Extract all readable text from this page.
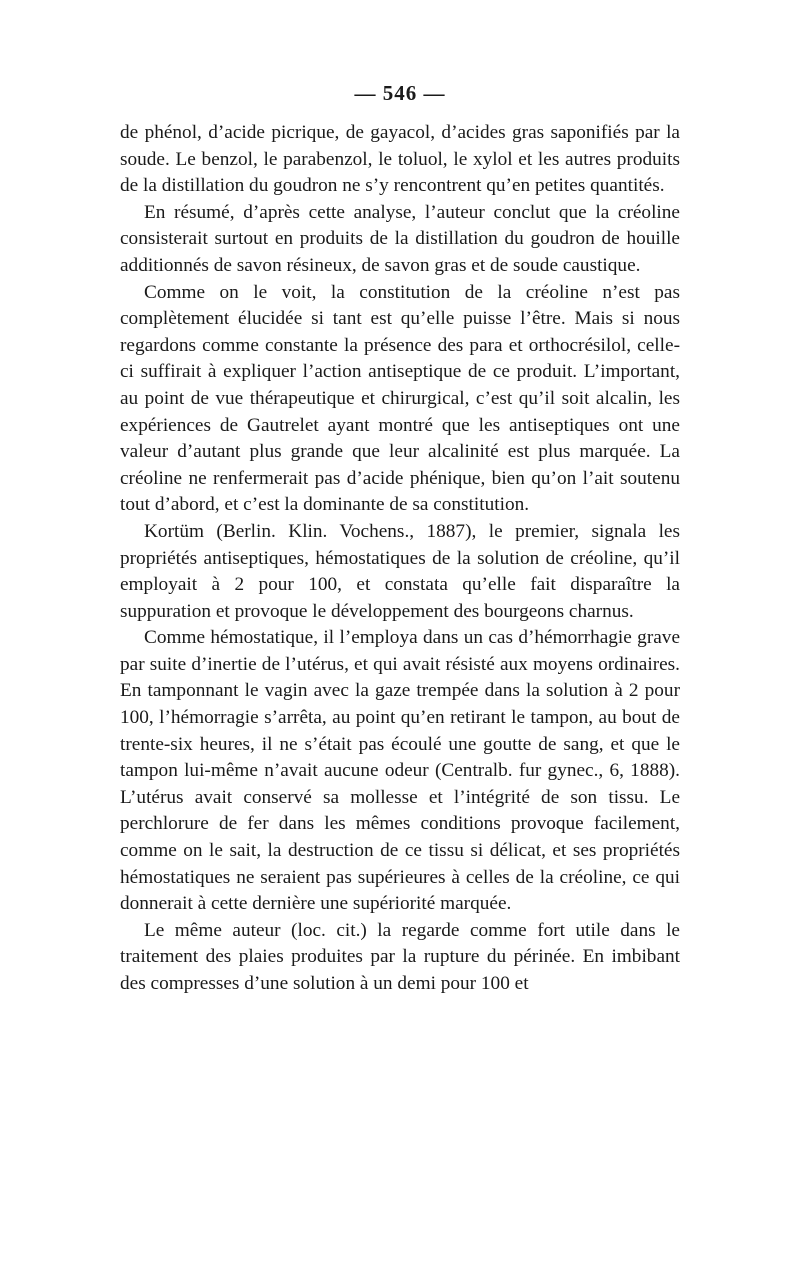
— 546 —

de phénol, d’acide picrique, de gayacol, d’acides gras saponifiés par la soude. Le benzol, le parabenzol, le toluol, le xylol et les autres produits de la distillation du goudron ne s’y rencontrent qu’en petites quantités.

En résumé, d’après cette analyse, l’auteur conclut que la créoline consisterait surtout en produits de la distillation du goudron de houille additionnés de savon résineux, de savon gras et de soude caustique.

Comme on le voit, la constitution de la créoline n’est pas complètement élucidée si tant est qu’elle puisse l’être. Mais si nous regardons comme constante la présence des para et orthocrésilol, celle-ci suffirait à expliquer l’action antiseptique de ce produit. L’important, au point de vue thérapeutique et chirurgical, c’est qu’il soit alcalin, les expériences de Gautrelet ayant montré que les antiseptiques ont une valeur d’autant plus grande que leur alcalinité est plus marquée. La créoline ne renfermerait pas d’acide phénique, bien qu’on l’ait soutenu tout d’abord, et c’est la dominante de sa constitution.

Kortüm (Berlin. Klin. Vochens., 1887), le premier, signala les propriétés antiseptiques, hémostatiques de la solution de créoline, qu’il employait à 2 pour 100, et constata qu’elle fait disparaître la suppuration et provoque le développement des bourgeons charnus.

Comme hémostatique, il l’employa dans un cas d’hémorrhagie grave par suite d’inertie de l’utérus, et qui avait résisté aux moyens ordinaires. En tamponnant le vagin avec la gaze trempée dans la solution à 2 pour 100, l’hémorragie s’arrêta, au point qu’en retirant le tampon, au bout de trente-six heures, il ne s’était pas écoulé une goutte de sang, et que le tampon lui-même n’avait aucune odeur (Centralb. fur gynec., 6, 1888). L’utérus avait conservé sa mollesse et l’intégrité de son tissu. Le perchlorure de fer dans les mêmes conditions provoque facilement, comme on le sait, la destruction de ce tissu si délicat, et ses propriétés hémostatiques ne seraient pas supérieures à celles de la créoline, ce qui donnerait à cette dernière une supériorité marquée.

Le même auteur (loc. cit.) la regarde comme fort utile dans le traitement des plaies produites par la rupture du périnée. En imbibant des compresses d’une solution à un demi pour 100 et
